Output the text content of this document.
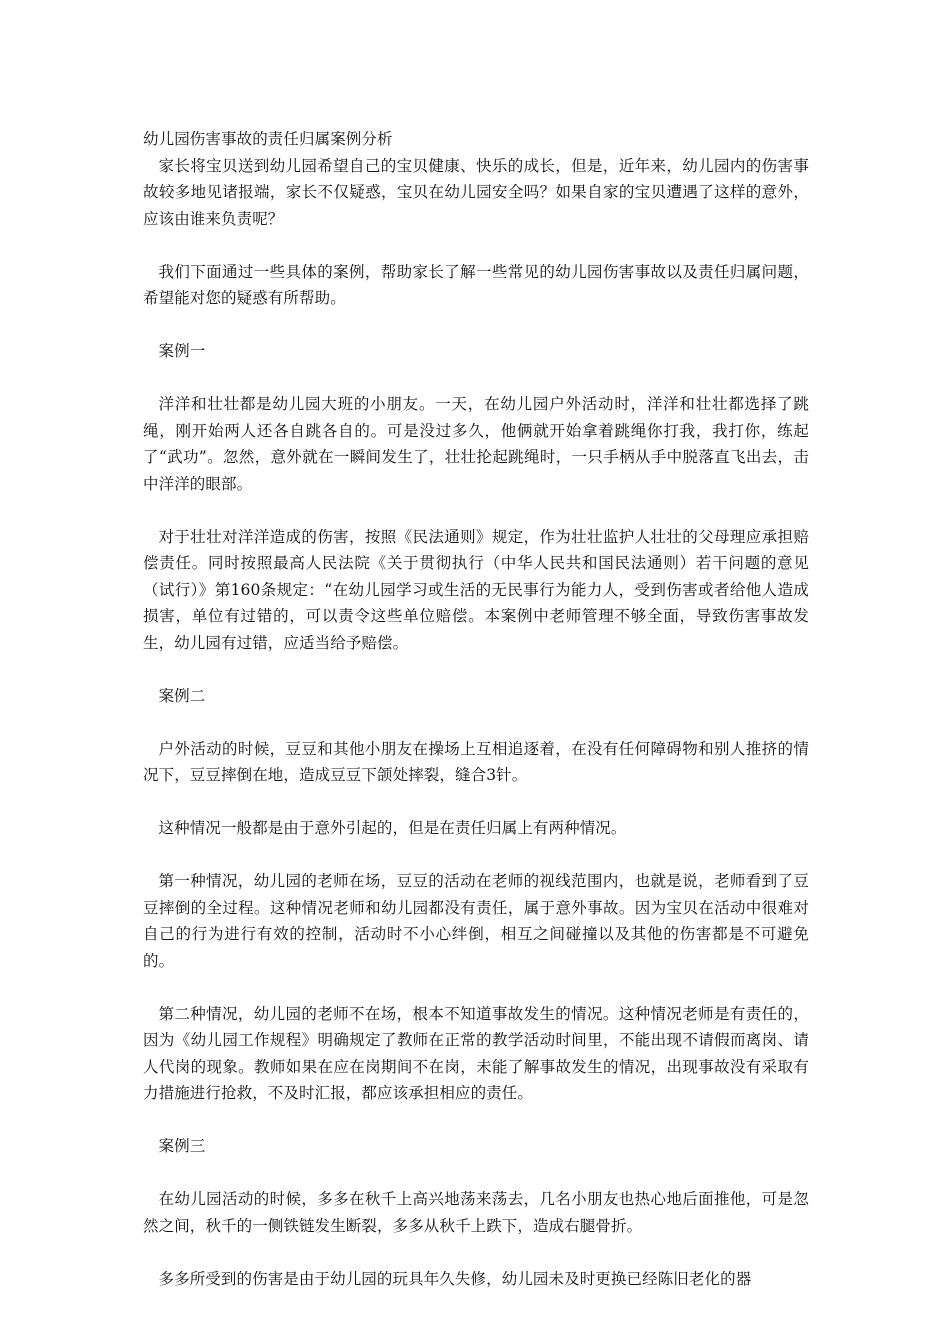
幼儿园伤害事故的责任归属案例分析

家长将宝贝送到幼儿园希望自己的宝贝健康、快乐的成长，但是，近年来，幼儿园内的伤害事故较多地见诸报端，家长不仅疑惑，宝贝在幼儿园安全吗？如果自家的宝贝遭遇了这样的意外，应该由谁来负责呢？

我们下面通过一些具体的案例，帮助家长了解一些常见的幼儿园伤害事故以及责任归属问题，希望能对您的疑惑有所帮助。

案例一

洋洋和壮壮都是幼儿园大班的小朋友。一天，在幼儿园户外活动时，洋洋和壮壮都选择了跳绳，刚开始两人还各自跳各自的。可是没过多久，他俩就开始拿着跳绳你打我，我打你，练起了“武功”。忽然，意外就在一瞬间发生了，壮壮抡起跳绳时，一只手柄从手中脱落直飞出去，击中洋洋的眼部。

对于壮壮对洋洋造成的伤害，按照《民法通则》规定，作为壮壮监护人壮壮的父母理应承担赔偿责任。同时按照最高人民法院《关于贯彻执行（中华人民共和国民法通则）若干问题的意见（试行）》第160条规定：“在幼儿园学习或生活的无民事行为能力人，受到伤害或者给他人造成损害，单位有过错的，可以责令这些单位赔偿。本案例中老师管理不够全面，导致伤害事故发生，幼儿园有过错，应适当给予赔偿。

案例二

户外活动的时候，豆豆和其他小朋友在操场上互相追逐着，在没有任何障碍物和别人推挤的情况下，豆豆摔倒在地，造成豆豆下颌处摔裂，缝合3针。

这种情况一般都是由于意外引起的，但是在责任归属上有两种情况。

第一种情况，幼儿园的老师在场，豆豆的活动在老师的视线范围内，也就是说，老师看到了豆豆摔倒的全过程。这种情况老师和幼儿园都没有责任，属于意外事故。因为宝贝在活动中很难对自己的行为进行有效的控制，活动时不小心绊倒，相互之间碰撞以及其他的伤害都是不可避免的。

第二种情况，幼儿园的老师不在场，根本不知道事故发生的情况。这种情况老师是有责任的，因为《幼儿园工作规程》明确规定了教师在正常的教学活动时间里，不能出现不请假而离岗、请人代岗的现象。教师如果在应在岗期间不在岗，未能了解事故发生的情况，出现事故没有采取有力措施进行抢救，不及时汇报，都应该承担相应的责任。

案例三

在幼儿园活动的时候，多多在秋千上高兴地荡来荡去，几名小朋友也热心地后面推他，可是忽然之间，秋千的一侧铁链发生断裂，多多从秋千上跌下，造成右腿骨折。

多多所受到的伤害是由于幼儿园的玩具年久失修，幼儿园未及时更换已经陈旧老化的器
